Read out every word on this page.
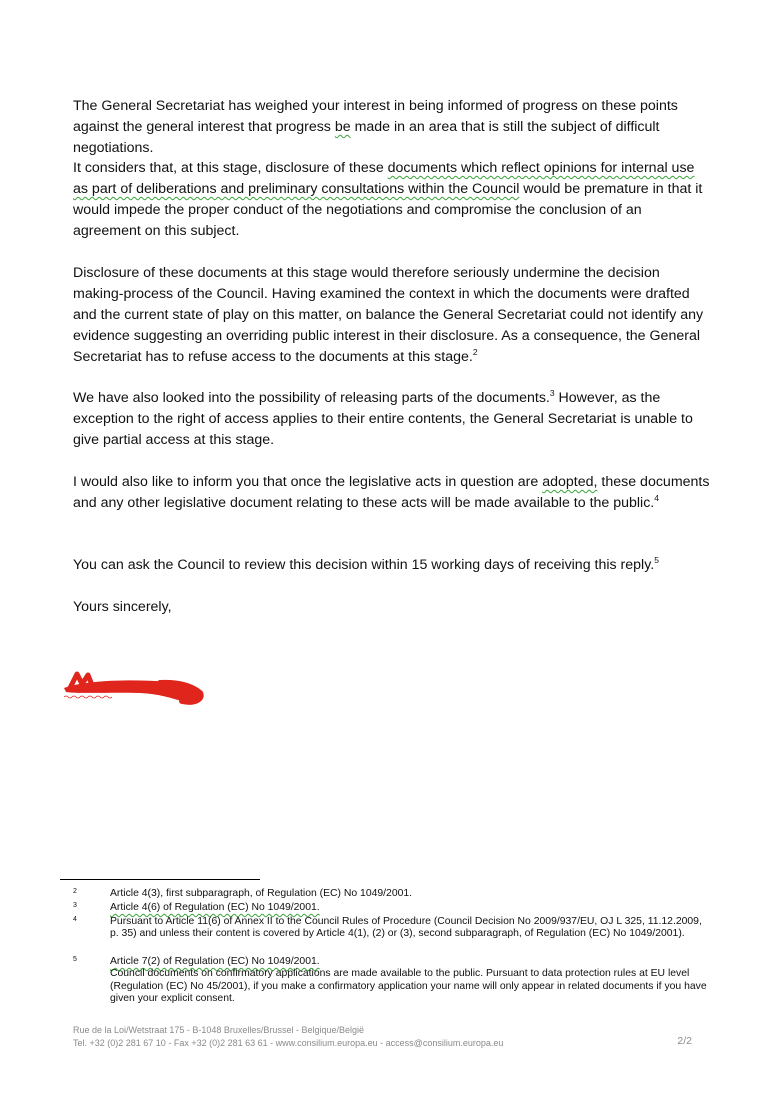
The General Secretariat has weighed your interest in being informed of progress on these points against the general interest that progress be made in an area that is still the subject of difficult negotiations.

It considers that, at this stage, disclosure of these documents which reflect opinions for internal use as part of deliberations and preliminary consultations within the Council would be premature in that it would impede the proper conduct of the negotiations and compromise the conclusion of an agreement on this subject.

Disclosure of these documents at this stage would therefore seriously undermine the decision making-process of the Council. Having examined the context in which the documents were drafted and the current state of play on this matter, on balance the General Secretariat could not identify any evidence suggesting an overriding public interest in their disclosure. As a consequence, the General Secretariat has to refuse access to the documents at this stage.$^2$

We have also looked into the possibility of releasing parts of the documents.$^3$ However, as the exception to the right of access applies to their entire contents, the General Secretariat is unable to give partial access at this stage.

I would also like to inform you that once the legislative acts in question are adopted, these documents and any other legislative document relating to these acts will be made available to the public.$^4$

You can ask the Council to review this decision within 15 working days of receiving this reply.$^5$

Yours sincerely,

2	Article 4(3), first subparagraph, of Regulation (EC) No 1049/2001.
3	Article 4(6) of Regulation (EC) No 1049/2001.
4	Pursuant to Article 11(6) of Annex II to the Council Rules of Procedure (Council Decision No 2009/937/EU, OJ L 325, 11.12.2009, p. 35) and unless their content is covered by Article 4(1), (2) or (3), second subparagraph, of Regulation (EC) No 1049/2001).
5	Article 7(2) of Regulation (EC) No 1049/2001.
Council documents on confirmatory applications are made available to the public. Pursuant to data protection rules at EU level (Regulation (EC) No 45/2001), if you make a confirmatory application your name will only appear in related documents if you have given your explicit consent.
Rue de la Loi/Wetstraat 175 - B-1048 Bruxelles/Brussel - Belgique/België
Tel. +32 (0)2 281 67 10 - Fax +32 (0)2 281 63 61 - www.consilium.europa.eu - access@consilium.europa.eu	2/2
